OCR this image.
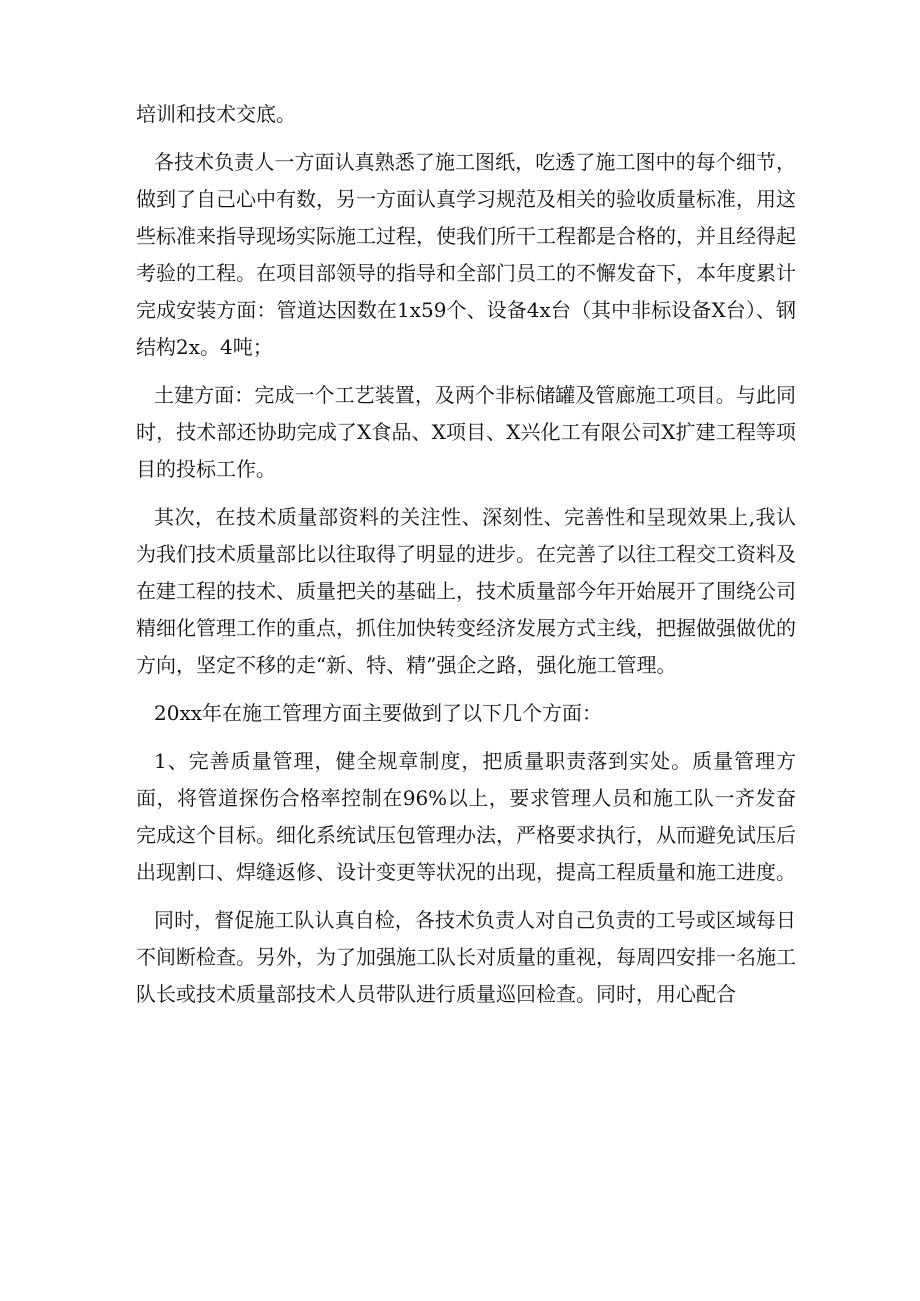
培训和技术交底。

各技术负责人一方面认真熟悉了施工图纸，吃透了施工图中的每个细节，做到了自己心中有数，另一方面认真学习规范及相关的验收质量标准，用这些标准来指导现场实际施工过程，使我们所干工程都是合格的，并且经得起考验的工程。在项目部领导的指导和全部门员工的不懈发奋下，本年度累计完成安装方面：管道达因数在1x59个、设备4x台（其中非标设备X台）、钢结构2x。4吨；

土建方面：完成一个工艺装置，及两个非标储罐及管廊施工项目。与此同时，技术部还协助完成了X食品、X项目、X兴化工有限公司X扩建工程等项目的投标工作。

其次，在技术质量部资料的关注性、深刻性、完善性和呈现效果上,我认为我们技术质量部比以往取得了明显的进步。在完善了以往工程交工资料及在建工程的技术、质量把关的基础上，技术质量部今年开始展开了围绕公司精细化管理工作的重点，抓住加快转变经济发展方式主线，把握做强做优的方向，坚定不移的走“新、特、精”强企之路，强化施工管理。

20xx年在施工管理方面主要做到了以下几个方面：

1、完善质量管理，健全规章制度，把质量职责落到实处。质量管理方面，将管道探伤合格率控制在96%以上，要求管理人员和施工队一齐发奋完成这个目标。细化系统试压包管理办法，严格要求执行，从而避免试压后出现割口、焊缝返修、设计变更等状况的出现，提高工程质量和施工进度。

同时，督促施工队认真自检，各技术负责人对自己负责的工号或区域每日不间断检查。另外，为了加强施工队长对质量的重视，每周四安排一名施工队长或技术质量部技术人员带队进行质量巡回检查。同时，用心配合
